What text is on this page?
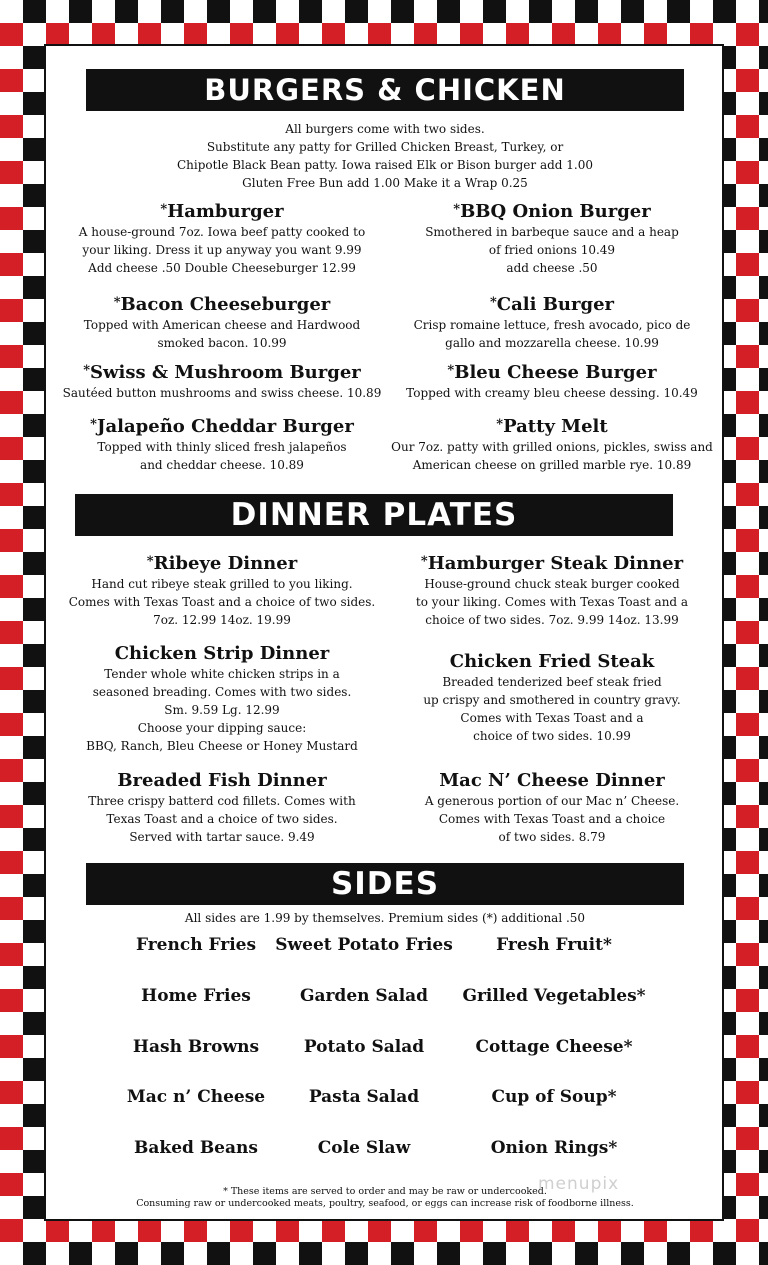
BURGERS & CHICKEN
All burgers come with two sides.
Substitute any patty for Grilled Chicken Breast, Turkey, or
Chipotle Black Bean patty. Iowa raised Elk or Bison burger add 1.00
Gluten Free Bun add 1.00 Make it a Wrap 0.25
*Hamburger
A house-ground 7oz. Iowa beef patty cooked to
your liking. Dress it up anyway you want 9.99
Add cheese .50 Double Cheeseburger 12.99
*BBQ Onion Burger
Smothered in barbeque sauce and a heap
of fried onions 10.49
add cheese .50
*Bacon Cheeseburger
Topped with American cheese and Hardwood
smoked bacon. 10.99
*Cali Burger
Crisp romaine lettuce, fresh avocado, pico de
gallo and mozzarella cheese. 10.99
*Swiss & Mushroom Burger
Sautéed button mushrooms and swiss cheese. 10.89
*Bleu Cheese Burger
Topped with creamy bleu cheese dessing. 10.49
*Jalapeño Cheddar Burger
Topped with thinly sliced fresh jalapeños
and cheddar cheese. 10.89
*Patty Melt
Our 7oz. patty with grilled onions, pickles, swiss and
American cheese on grilled marble rye. 10.89
DINNER PLATES
*Ribeye Dinner
Hand cut ribeye steak grilled to you liking.
Comes with Texas Toast and a choice of two sides.
7oz. 12.99 14oz. 19.99
*Hamburger Steak Dinner
House-ground chuck steak burger cooked
to your liking. Comes with Texas Toast and a
choice of two sides. 7oz. 9.99 14oz. 13.99
Chicken Strip Dinner
Tender whole white chicken strips in a
seasoned breading. Comes with two sides.
Sm. 9.59 Lg. 12.99
Choose your dipping sauce:
BBQ, Ranch, Bleu Cheese or Honey Mustard
Chicken Fried Steak
Breaded tenderized beef steak fried
up crispy and smothered in country gravy.
Comes with Texas Toast and a
choice of two sides. 10.99
Breaded Fish Dinner
Three crispy batterd cod fillets. Comes with
Texas Toast and a choice of two sides.
Served with tartar sauce. 9.49
Mac N’ Cheese Dinner
A generous portion of our Mac n’ Cheese.
Comes with Texas Toast and a choice
of two sides. 8.79
SIDES
All sides are 1.99 by themselves. Premium sides (*) additional .50
French Fries	Sweet Potato Fries	Fresh Fruit*
Home Fries	Garden Salad	Grilled Vegetables*
Hash Browns	Potato Salad	Cottage Cheese*
Mac n’ Cheese	Pasta Salad	Cup of Soup*
Baked Beans	Cole Slaw	Onion Rings*
menupix
* These items are served to order and may be raw or undercooked.
Consuming raw or undercooked meats, poultry, seafood, or eggs can increase risk of foodborne illness.
